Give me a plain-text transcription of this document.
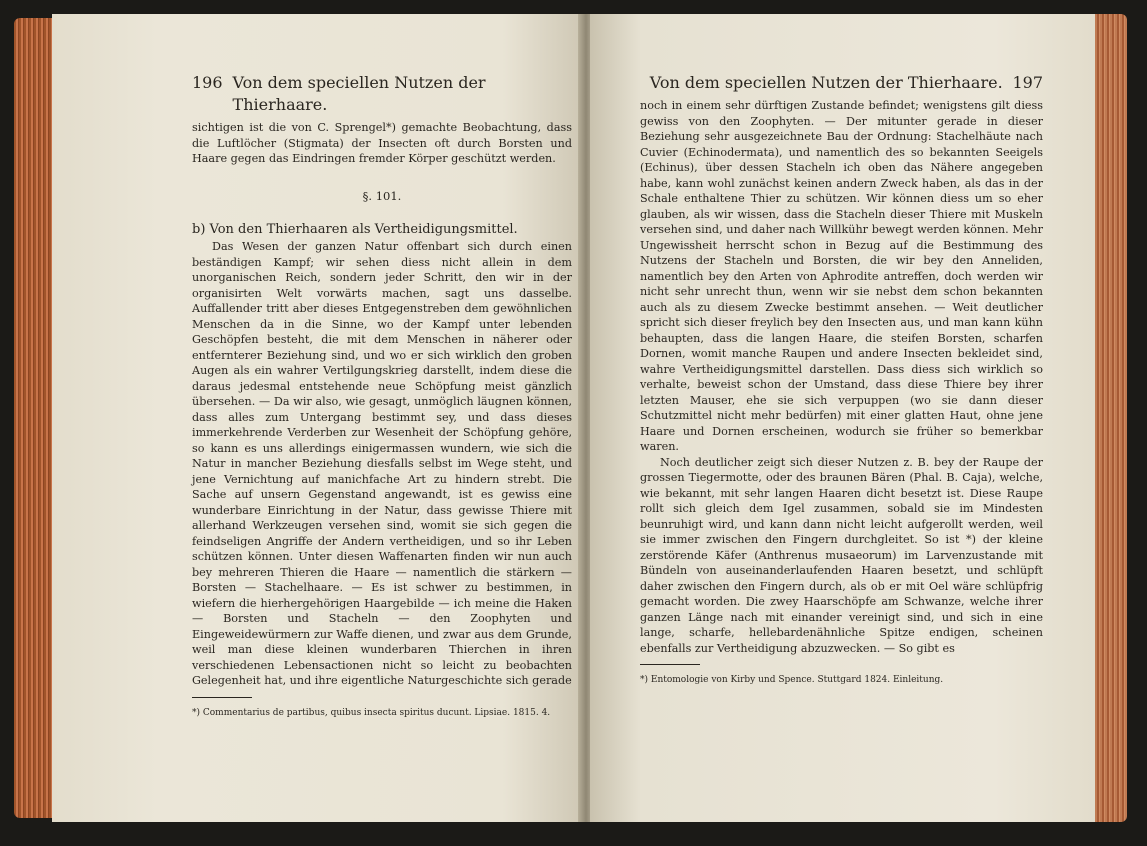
196 Von dem speciellen Nutzen der Thierhaare.

sichtigen ist die von C. Sprengel*) gemachte Beobachtung, dass die Luftlöcher (Stigmata) der Insecten oft durch Borsten und Haare gegen das Eindringen fremder Körper geschützt werden.

§. 101.

b) Von den Thierhaaren als Vertheidigungsmittel.

Das Wesen der ganzen Natur offenbart sich durch einen beständigen Kampf; wir sehen diess nicht allein in dem unorganischen Reich, sondern jeder Schritt, den wir in der organisirten Welt vorwärts machen, sagt uns dasselbe. Auffallender tritt aber dieses Entgegenstreben dem gewöhnlichen Menschen da in die Sinne, wo der Kampf unter lebenden Geschöpfen besteht, die mit dem Menschen in näherer oder entfernterer Beziehung sind, und wo er sich wirklich den groben Augen als ein wahrer Vertilgungskrieg darstellt, indem diese die daraus jedesmal entstehende neue Schöpfung meist gänzlich übersehen. — Da wir also, wie gesagt, unmöglich läugnen können, dass alles zum Untergang bestimmt sey, und dass dieses immerkehrende Verderben zur Wesenheit der Schöpfung gehöre, so kann es uns allerdings einigermassen wundern, wie sich die Natur in mancher Beziehung diesfalls selbst im Wege steht, und jene Vernichtung auf manichfache Art zu hindern strebt. Die Sache auf unsern Gegenstand angewandt, ist es gewiss eine wunderbare Einrichtung in der Natur, dass gewisse Thiere mit allerhand Werkzeugen versehen sind, womit sie sich gegen die feindseligen Angriffe der Andern vertheidigen, und so ihr Leben schützen können. Unter diesen Waffenarten finden wir nun auch bey mehreren Thieren die Haare — namentlich die stärkern — Borsten — Stachelhaare. — Es ist schwer zu bestimmen, in wiefern die hierhergehörigen Haargebilde — ich meine die Haken — Borsten und Stacheln — den Zoophyten und Eingeweidewürmern zur Waffe dienen, und zwar aus dem Grunde, weil man diese kleinen wunderbaren Thierchen in ihren verschiedenen Lebensactionen nicht so leicht zu beobachten Gelegenheit hat, und ihre eigentliche Naturgeschichte sich gerade

*) Commentarius de partibus, quibus insecta spiritus ducunt. Lipsiae. 1815. 4.

Von dem speciellen Nutzen der Thierhaare. 197

noch in einem sehr dürftigen Zustande befindet; wenigstens gilt diess gewiss von den Zoophyten. — Der mitunter gerade in dieser Beziehung sehr ausgezeichnete Bau der Ordnung: Stachelhäute nach Cuvier (Echinodermata), und namentlich des so bekannten Seeigels (Echinus), über dessen Stacheln ich oben das Nähere angegeben habe, kann wohl zunächst keinen andern Zweck haben, als das in der Schale enthaltene Thier zu schützen. Wir können diess um so eher glauben, als wir wissen, dass die Stacheln dieser Thiere mit Muskeln versehen sind, und daher nach Willkühr bewegt werden können. Mehr Ungewissheit herrscht schon in Bezug auf die Bestimmung des Nutzens der Stacheln und Borsten, die wir bey den Anneliden, namentlich bey den Arten von Aphrodite antreffen, doch werden wir nicht sehr unrecht thun, wenn wir sie nebst dem schon bekannten auch als zu diesem Zwecke bestimmt ansehen. — Weit deutlicher spricht sich dieser freylich bey den Insecten aus, und man kann kühn behaupten, dass die langen Haare, die steifen Borsten, scharfen Dornen, womit manche Raupen und andere Insecten bekleidet sind, wahre Vertheidigungsmittel darstellen. Dass diess sich wirklich so verhalte, beweist schon der Umstand, dass diese Thiere bey ihrer letzten Mauser, ehe sie sich verpuppen (wo sie dann dieser Schutzmittel nicht mehr bedürfen) mit einer glatten Haut, ohne jene Haare und Dornen erscheinen, wodurch sie früher so bemerkbar waren.

Noch deutlicher zeigt sich dieser Nutzen z. B. bey der Raupe der grossen Tiegermotte, oder des braunen Bären (Phal. B. Caja), welche, wie bekannt, mit sehr langen Haaren dicht besetzt ist. Diese Raupe rollt sich gleich dem Igel zusammen, sobald sie im Mindesten beunruhigt wird, und kann dann nicht leicht aufgerollt werden, weil sie immer zwischen den Fingern durchgleitet. So ist *) der kleine zerstörende Käfer (Anthrenus musaeorum) im Larvenzustande mit Bündeln von auseinanderlaufenden Haaren besetzt, und schlüpft daher zwischen den Fingern durch, als ob er mit Oel wäre schlüpfrig gemacht worden. Die zwey Haarschöpfe am Schwanze, welche ihrer ganzen Länge nach mit einander vereinigt sind, und sich in eine lange, scharfe, hellebardenähnliche Spitze endigen, scheinen ebenfalls zur Vertheidigung abzuzwecken. — So gibt es

*) Entomologie von Kirby und Spence. Stuttgard 1824. Einleitung.
